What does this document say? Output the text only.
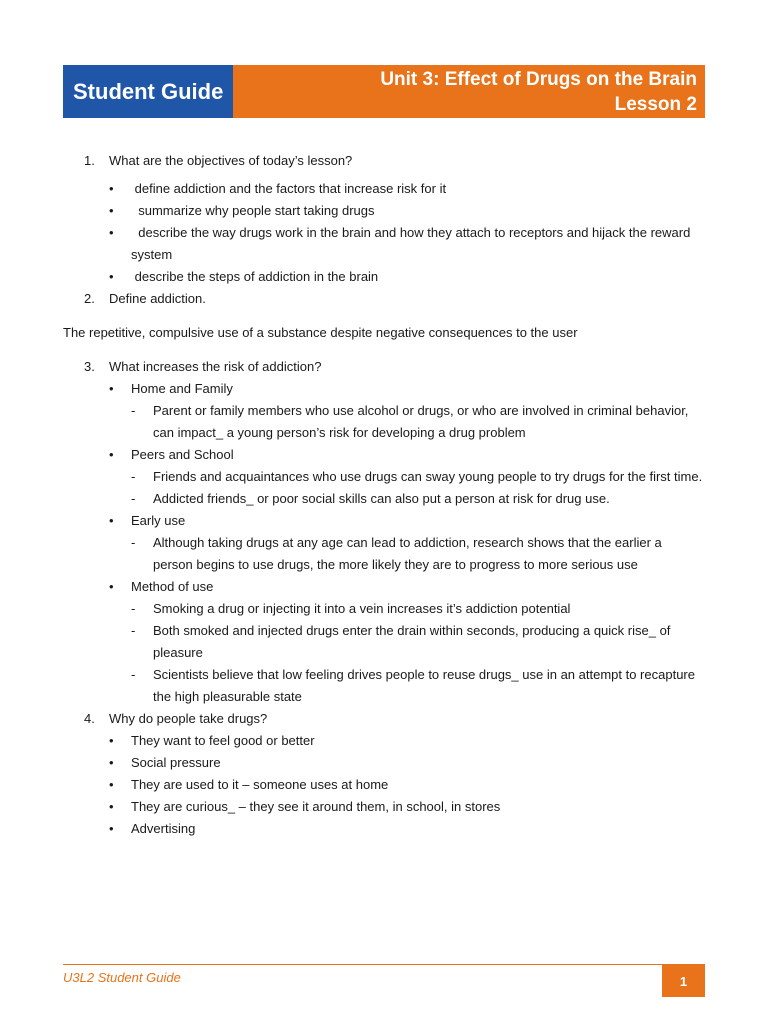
Student Guide	Unit 3: Effect of Drugs on the Brain
Lesson 2
1.	What are the objectives of today’s lesson?
•	define addiction and the factors that increase risk for it
•	summarize why people start taking drugs
•	describe the way drugs work in the brain and how they attach to receptors and hijack the reward system
•	describe the steps of addiction in the brain
2.	Define addiction.
The repetitive, compulsive use of a substance despite negative consequences to the user
3.	What increases the risk of addiction?
•	Home and Family
-	Parent or family members who use alcohol or drugs, or who are involved in criminal behavior, can impact_ a young person’s risk for developing a drug problem
•	Peers and School
-	Friends and acquaintances who use drugs can sway young people to try drugs for the first time.
-	Addicted friends_ or poor social skills can also put a person at risk for drug use.
•	Early use
-	Although taking drugs at any age can lead to addiction, research shows that the earlier a person begins to use drugs, the more likely they are to progress to more serious use
•	Method of use
-	Smoking a drug or injecting it into a vein increases it’s addiction potential
-	Both smoked and injected drugs enter the drain within seconds, producing a quick rise_ of pleasure
-	Scientists believe that low feeling drives people to reuse drugs_ use in an attempt to recapture the high pleasurable state
4.	Why do people take drugs?
•	They want to feel good or better
•	Social pressure
•	They are used to it – someone uses at home
•	They are curious_ – they see it around them, in school, in stores
•	Advertising
U3L2 Student Guide	1
